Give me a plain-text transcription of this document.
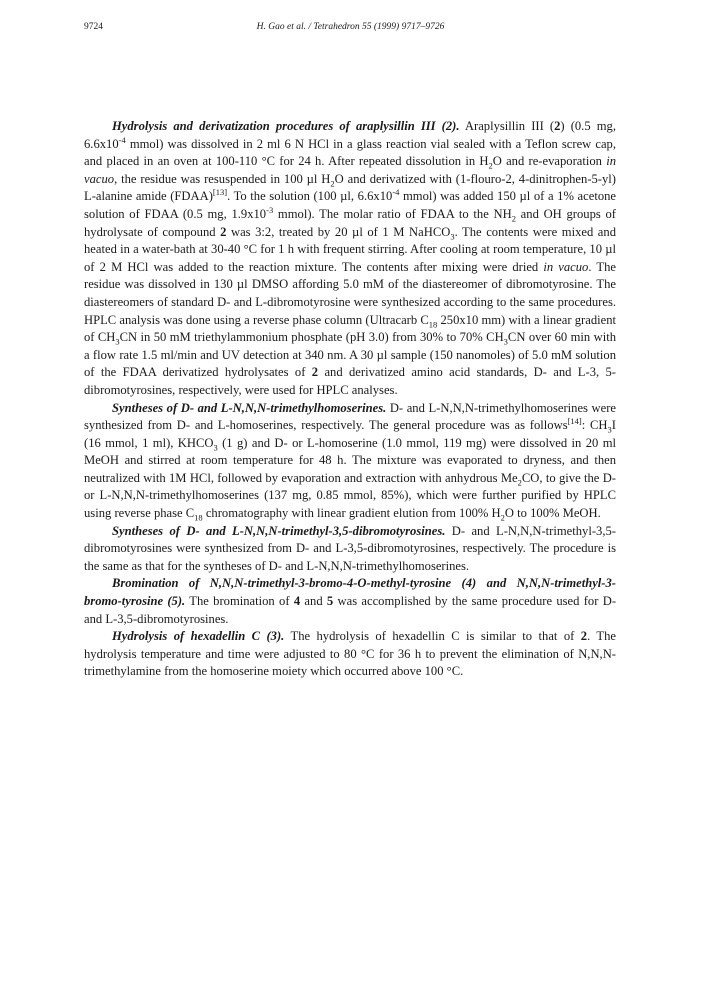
9724	H. Gao et al. / Tetrahedron 55 (1999) 9717–9726

Hydrolysis and derivatization procedures of araplysillin III (2). Araplysillin III (2) (0.5 mg, $6.6x10^{-4}$ mmol) was dissolved in 2 ml 6 N HCl in a glass reaction vial sealed with a Teflon screw cap, and placed in an oven at 100-110 °C for 24 h. After repeated dissolution in $H_2O$ and re-evaporation in vacuo, the residue was resuspended in 100 µl $H_2O$ and derivatized with (1-flouro-2, 4-dinitrophen-5-yl) L-alanine amide (FDAA)[13]. To the solution (100 µl, $6.6x10^{-4}$ mmol) was added 150 µl of a 1% acetone solution of FDAA (0.5 mg, $1.9x10^{-3}$ mmol). The molar ratio of FDAA to the $NH_2$ and OH groups of hydrolysate of compound 2 was 3:2, treated by 20 µl of 1 M NaHCO$_3$. The contents were mixed and heated in a water-bath at 30-40 °C for 1 h with frequent stirring. After cooling at room temperature, 10 µl of 2 M HCl was added to the reaction mixture. The contents after mixing were dried in vacuo. The residue was dissolved in 130 µl DMSO affording 5.0 mM of the diastereomer of dibromotyrosine. The diastereomers of standard D- and L-dibromotyrosine were synthesized according to the same procedures. HPLC analysis was done using a reverse phase column (Ultracarb $C_{18}$ 250x10 mm) with a linear gradient of $CH_3CN$ in 50 mM triethylammonium phosphate (pH 3.0) from 30% to 70% $CH_3CN$ over 60 min with a flow rate 1.5 ml/min and UV detection at 340 nm. A 30 µl sample (150 nanomoles) of 5.0 mM solution of the FDAA derivatized hydrolysates of 2 and derivatized amino acid standards, D- and L-3, 5-dibromotyrosines, respectively, were used for HPLC analyses.

Syntheses of D- and L-N,N,N-trimethylhomoserines. D- and L-N,N,N-trimethylhomoserines were synthesized from D- and L-homoserines, respectively. The general procedure was as follows[14]: $CH_3I$ (16 mmol, 1 ml), $KHCO_3$ (1 g) and D- or L-homoserine (1.0 mmol, 119 mg) were dissolved in 20 ml MeOH and stirred at room temperature for 48 h. The mixture was evaporated to dryness, and then neutralized with 1M HCl, followed by evaporation and extraction with anhydrous $Me_2CO$, to give the D- or L-N,N,N-trimethylhomoserines (137 mg, 0.85 mmol, 85%), which were further purified by HPLC using reverse phase $C_{18}$ chromatography with linear gradient elution from 100% $H_2O$ to 100% MeOH.

Syntheses of D- and L-N,N,N-trimethyl-3,5-dibromotyrosines. D- and L-N,N,N-trimethyl-3,5-dibromotyrosines were synthesized from D- and L-3,5-dibromotyrosines, respectively. The procedure is the same as that for the syntheses of D- and L-N,N,N-trimethylhomoserines.

Bromination of N,N,N-trimethyl-3-bromo-4-O-methyl-tyrosine (4) and N,N,N-trimethyl-3-bromo-tyrosine (5). The bromination of 4 and 5 was accomplished by the same procedure used for D- and L-3,5-dibromotyrosines.

Hydrolysis of hexadellin C (3). The hydrolysis of hexadellin C is similar to that of 2. The hydrolysis temperature and time were adjusted to 80 °C for 36 h to prevent the elimination of N,N,N-trimethylamine from the homoserine moiety which occurred above 100 °C.
